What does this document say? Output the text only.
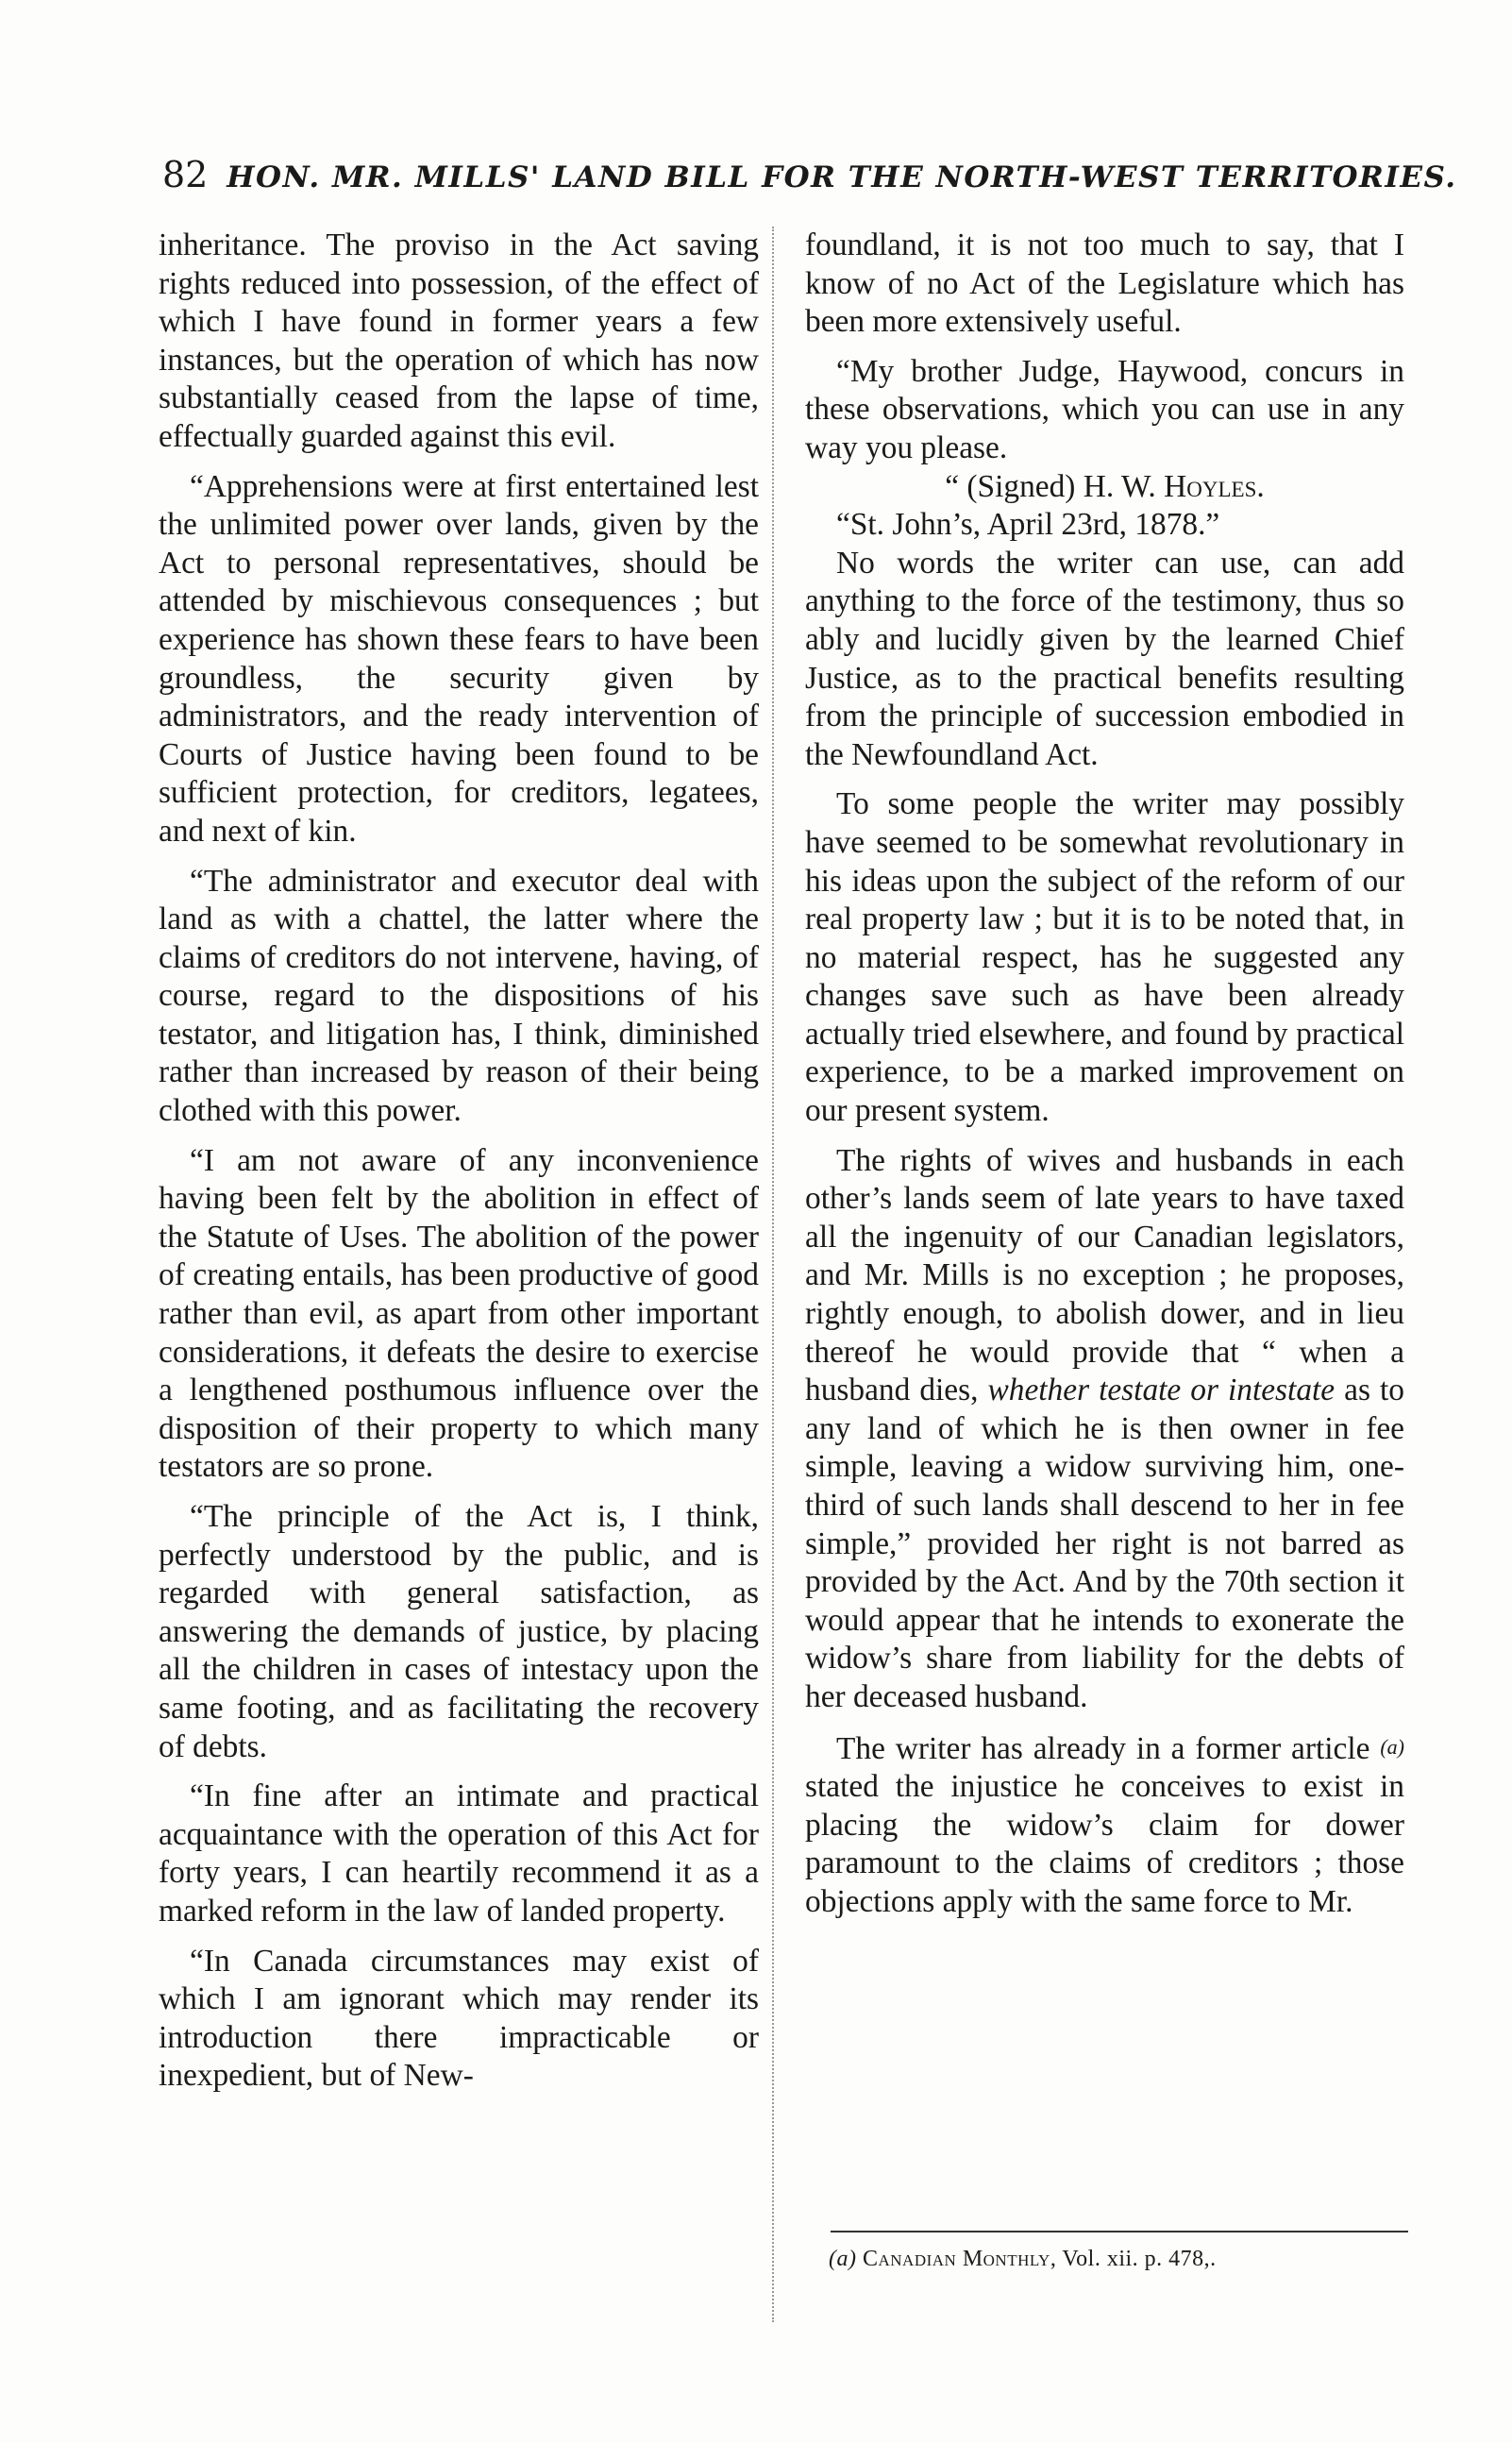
82 HON. MR. MILLS' LAND BILL FOR THE NORTH-WEST TERRITORIES.

inheritance. The proviso in the Act saving rights reduced into possession, of the effect of which I have found in former years a few instances, but the operation of which has now substantially ceased from the lapse of time, effectually guarded against this evil.

“Apprehensions were at first entertained lest the unlimited power over lands, given by the Act to personal representatives, should be attended by mischievous consequences ; but experience has shown these fears to have been groundless, the security given by administrators, and the ready intervention of Courts of Justice having been found to be sufficient protection, for creditors, legatees, and next of kin.

“The administrator and executor deal with land as with a chattel, the latter where the claims of creditors do not intervene, having, of course, regard to the dispositions of his testator, and litigation has, I think, diminished rather than increased by reason of their being clothed with this power.

“I am not aware of any inconvenience having been felt by the abolition in effect of the Statute of Uses. The abolition of the power of creating entails, has been productive of good rather than evil, as apart from other important considerations, it defeats the desire to exercise a lengthened posthumous influence over the disposition of their property to which many testators are so prone.

“The principle of the Act is, I think, perfectly understood by the public, and is regarded with general satisfaction, as answering the demands of justice, by placing all the children in cases of intestacy upon the same footing, and as facilitating the recovery of debts.

“In fine after an intimate and practical acquaintance with the operation of this Act for forty years, I can heartily recommend it as a marked reform in the law of landed property.

“In Canada circumstances may exist of which I am ignorant which may render its introduction there impracticable or inexpedient, but of New-

foundland, it is not too much to say, that I know of no Act of the Legislature which has been more extensively useful.

“My brother Judge, Haywood, concurs in these observations, which you can use in any way you please.

“ (Signed) H. W. Hoyles.

“St. John’s, April 23rd, 1878.”

No words the writer can use, can add anything to the force of the testimony, thus so ably and lucidly given by the learned Chief Justice, as to the practical benefits resulting from the principle of succession embodied in the Newfoundland Act.

To some people the writer may possibly have seemed to be somewhat revolutionary in his ideas upon the subject of the reform of our real property law ; but it is to be noted that, in no material respect, has he suggested any changes save such as have been already actually tried elsewhere, and found by practical experience, to be a marked improvement on our present system.

The rights of wives and husbands in each other’s lands seem of late years to have taxed all the ingenuity of our Canadian legislators, and Mr. Mills is no exception ; he proposes, rightly enough, to abolish dower, and in lieu thereof he would provide that “ when a husband dies, whether testate or intestate as to any land of which he is then owner in fee simple, leaving a widow surviving him, one-third of such lands shall descend to her in fee simple,” provided her right is not barred as provided by the Act. And by the 70th section it would appear that he intends to exonerate the widow’s share from liability for the debts of her deceased husband.

The writer has already in a former article $^{(a)}$ stated the injustice he conceives to exist in placing the widow’s claim for dower paramount to the claims of creditors ; those objections apply with the same force to Mr.

(a) Canadian Monthly, Vol. xii. p. 478,.
